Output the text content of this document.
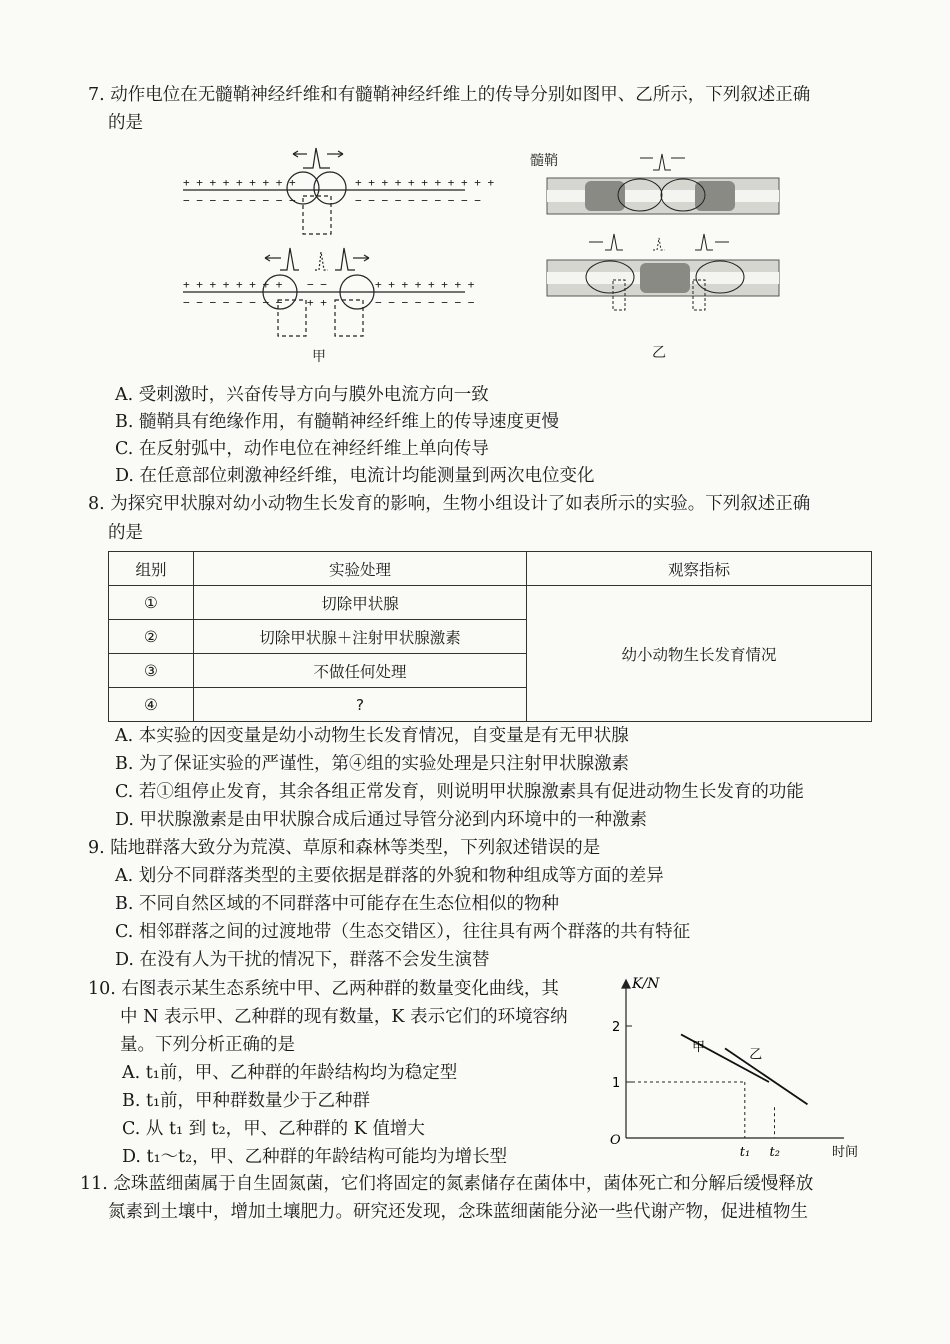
7. 动作电位在无髓鞘神经纤维和有髓鞘神经纤维上的传导分别如图甲、乙所示，下列叙述正确
的是
+ + + + + + + + +	+ + + + + + + + + + +
− − − − − − − − −	− − − − − − − − − −
+ + + + + + + +	+ + + + + + + +
− − − − − − − −	− − − − − − − −
− −
+ +
甲
髓鞘
乙
A. 受刺激时，兴奋传导方向与膜外电流方向一致
B. 髓鞘具有绝缘作用，有髓鞘神经纤维上的传导速度更慢
C. 在反射弧中，动作电位在神经纤维上单向传导
D. 在任意部位刺激神经纤维，电流计均能测量到两次电位变化
8. 为探究甲状腺对幼小动物生长发育的影响，生物小组设计了如表所示的实验。下列叙述正确
的是
组别	实验处理	观察指标
①	切除甲状腺	幼小动物生长发育情况
②	切除甲状腺＋注射甲状腺激素	
③	不做任何处理	
④	?	
A. 本实验的因变量是幼小动物生长发育情况，自变量是有无甲状腺
B. 为了保证实验的严谨性，第④组的实验处理是只注射甲状腺激素
C. 若①组停止发育，其余各组正常发育，则说明甲状腺激素具有促进动物生长发育的功能
D. 甲状腺激素是由甲状腺合成后通过导管分泌到内环境中的一种激素
9. 陆地群落大致分为荒漠、草原和森林等类型，下列叙述错误的是
A. 划分不同群落类型的主要依据是群落的外貌和物种组成等方面的差异
B. 不同自然区域的不同群落中可能存在生态位相似的物种
C. 相邻群落之间的过渡地带（生态交错区），往往具有两个群落的共有特征
D. 在没有人为干扰的情况下，群落不会发生演替
10. 右图表示某生态系统中甲、乙两种群的数量变化曲线，其
中 N 表示甲、乙种群的现有数量，K 表示它们的环境容纳
量。下列分析正确的是
A. t₁前，甲、乙种群的年龄结构均为稳定型
B. t₁前，甲种群数量少于乙种群
C. 从 t₁ 到 t₂，甲、乙种群的 K 值增大
D. t₁～t₂，甲、乙种群的年龄结构可能均为增长型
K/N
时间
O
1
2
t₁ t₂
甲	乙
11. 念珠蓝细菌属于自生固氮菌，它们将固定的氮素储存在菌体中，菌体死亡和分解后缓慢释放
氮素到土壤中，增加土壤肥力。研究还发现，念珠蓝细菌能分泌一些代谢产物，促进植物生
